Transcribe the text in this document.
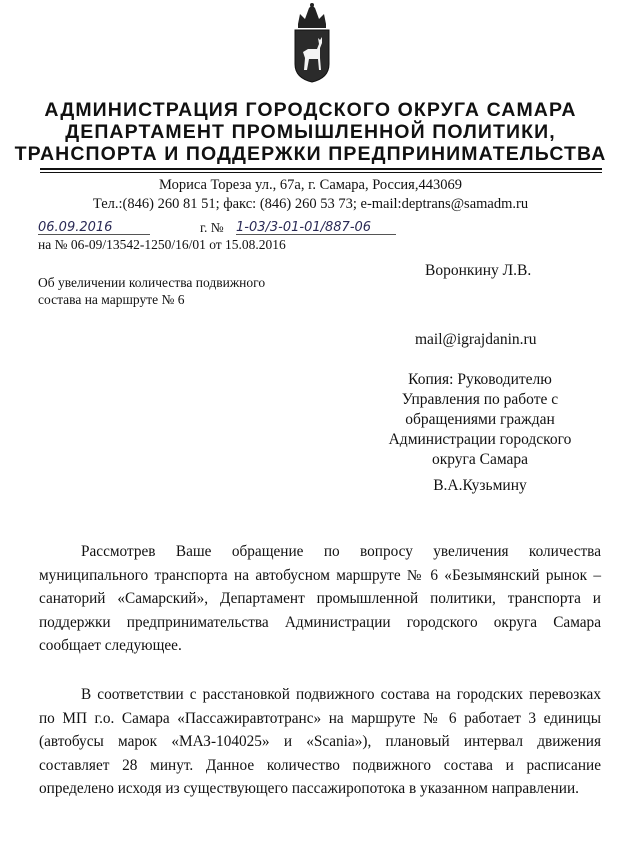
АДМИНИСТРАЦИЯ ГОРОДСКОГО ОКРУГА САМАРА
ДЕПАРТАМЕНТ ПРОМЫШЛЕННОЙ ПОЛИТИКИ,
ТРАНСПОРТА И ПОДДЕРЖКИ ПРЕДПРИНИМАТЕЛЬСТВА
Мориса Тореза ул., 67а, г. Самара, Россия,443069
Тел.:(846) 260 81 51; факс: (846) 260 53 73; e-mail:deptrans@samadm.ru
06.09.2016	г. № 1-03/3-01-01/887-06
на № 06-09/13542-1250/16/01 от 15.08.2016
Об увеличении количества подвижного
состава на маршруте № 6
Воронкину Л.В.
mail@igrajdanin.ru
Копия: Руководителю
Управления по работе с
обращениями граждан
Администрации городского
округа Самара
В.А.Кузьмину

Рассмотрев Ваше обращение по вопросу увеличения количества муниципального транспорта на автобусном маршруте № 6 «Безымянский рынок – санаторий «Самарский», Департамент промышленной политики, транспорта и поддержки предпринимательства Администрации городского округа Самара сообщает следующее.

В соответствии с расстановкой подвижного состава на городских перевозках по МП г.о. Самара «Пассажиравтотранс» на маршруте № 6 работает 3 единицы (автобусы марок «МАЗ-104025» и «Scania»), плановый интервал движения составляет 28 минут. Данное количество подвижного состава и расписание определено исходя из существующего пассажиропотока в указанном направлении.
